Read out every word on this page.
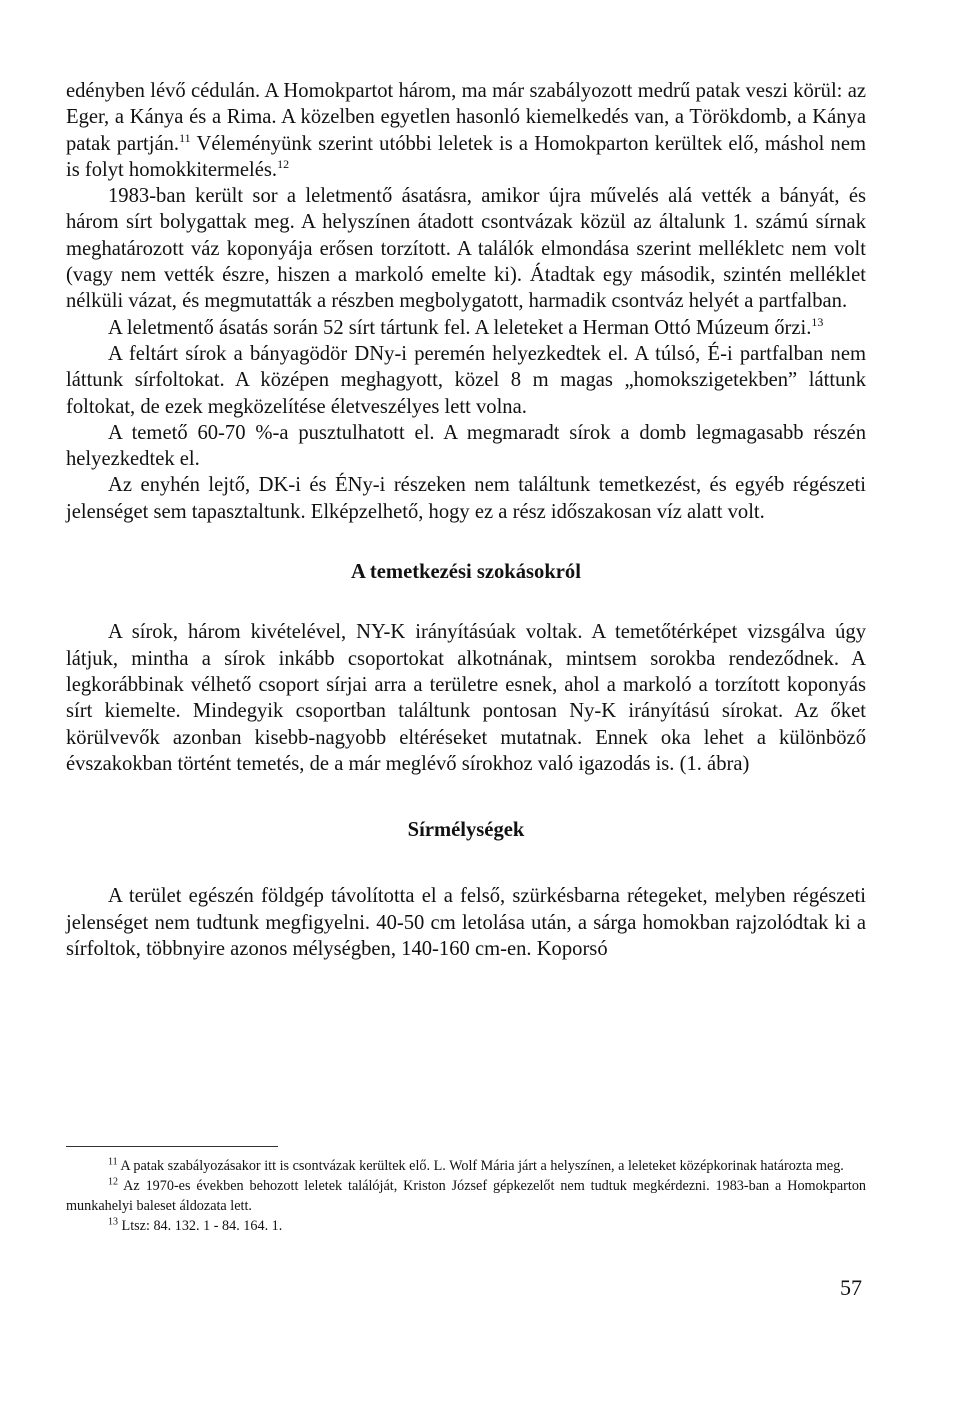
edényben lévő cédulán. A Homokpartot három, ma már szabályozott medrű patak veszi körül: az Eger, a Kánya és a Rima. A közelben egyetlen hasonló kiemelkedés van, a Törökdomb, a Kánya patak partján.$^{11}$ Véleményünk szerint utóbbi leletek is a Homokparton kerültek elő, máshol nem is folyt homokkitermelés.$^{12}$

1983-ban került sor a leletmentő ásatásra, amikor újra művelés alá vették a bányát, és három sírt bolygattak meg. A helyszínen átadott csontvázak közül az általunk 1. számú sírnak meghatározott váz koponyája erősen torzított. A találók elmondása szerint mellékletc nem volt (vagy nem vették észre, hiszen a markoló emelte ki). Átadtak egy második, szintén melléklet nélküli vázat, és megmutatták a részben megbolygatott, harmadik csontváz helyét a partfalban.

A leletmentő ásatás során 52 sírt tártunk fel. A leleteket a Herman Ottó Múzeum őrzi.$^{13}$

A feltárt sírok a bányagödör DNy-i peremén helyezkedtek el. A túlsó, É-i partfalban nem láttunk sírfoltokat. A középen meghagyott, közel 8 m magas „homokszigetekben” láttunk foltokat, de ezek megközelítése életveszélyes lett volna.

A temető 60-70 %-a pusztulhatott el. A megmaradt sírok a domb legmagasabb részén helyezkedtek el.

Az enyhén lejtő, DK-i és ÉNy-i részeken nem találtunk temetkezést, és egyéb régészeti jelenséget sem tapasztaltunk. Elképzelhető, hogy ez a rész időszakosan víz alatt volt.

A temetkezési szokásokról

A sírok, három kivételével, NY-K irányításúak voltak. A temetőtérképet vizsgálva úgy látjuk, mintha a sírok inkább csoportokat alkotnának, mintsem sorokba rendeződnek. A legkorábbinak vélhető csoport sírjai arra a területre esnek, ahol a markoló a torzított koponyás sírt kiemelte. Mindegyik csoportban találtunk pontosan Ny-K irányítású sírokat. Az őket körülvevők azonban kisebb-nagyobb eltéréseket mutatnak. Ennek oka lehet a különböző évszakokban történt temetés, de a már meglévő sírokhoz való igazodás is. (1. ábra)

Sírmélységek

A terület egészén földgép távolította el a felső, szürkésbarna rétegeket, melyben régészeti jelenséget nem tudtunk megfigyelni. 40-50 cm letolása után, a sárga homokban rajzolódtak ki a sírfoltok, többnyire azonos mélységben, 140-160 cm-en. Koporsó

$^{11}$ A patak szabályozásakor itt is csontvázak kerültek elő. L. Wolf Mária járt a helyszínen, a leleteket középkorinak határozta meg.

$^{12}$ Az 1970-es években behozott leletek találóját, Kriston József gépkezelőt nem tudtuk megkérdezni. 1983-ban a Homokparton munkahelyi baleset áldozata lett.

$^{13}$ Ltsz: 84. 132. 1 - 84. 164. 1.

57
